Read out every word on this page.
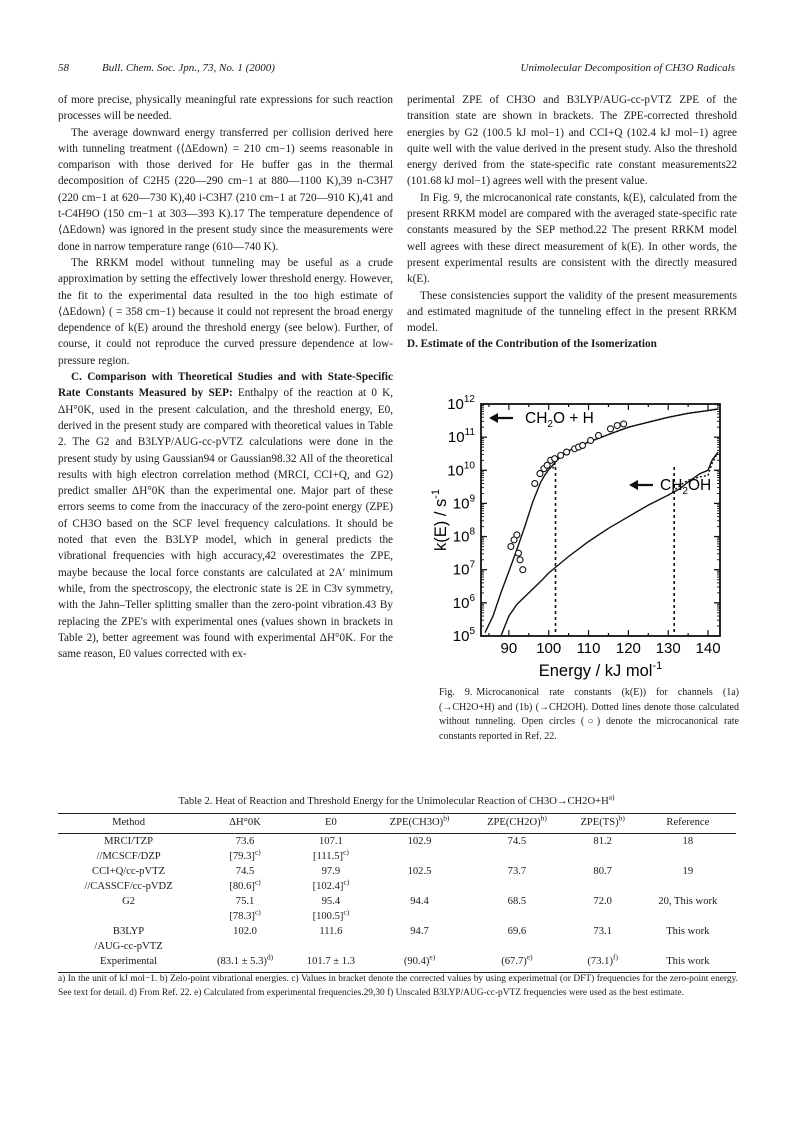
58	Bull. Chem. Soc. Jpn., 73, No. 1 (2000)	Unimolecular Decomposition of CH3O Radicals

of more precise, physically meaningful rate expressions for such reaction processes will be needed.

The average downward energy transferred per collision derived here with tunneling treatment (⟨ΔEdown⟩ = 210 cm−1) seems reasonable in comparison with those derived for He buffer gas in the thermal decomposition of C2H5 (220—290 cm−1 at 880—1100 K),39 n-C3H7 (220 cm−1 at 620—730 K),40 i-C3H7 (210 cm−1 at 720—910 K),41 and t-C4H9O (150 cm−1 at 303—393 K).17 The temperature dependence of ⟨ΔEdown⟩ was ignored in the present study since the measurements were done in narrow temperature range (610—740 K).

The RRKM model without tunneling may be useful as a crude approximation by setting the effectively lower threshold energy. However, the fit to the experimental data resulted in the too high estimate of ⟨ΔEdown⟩ ( = 358 cm−1) because it could not represent the broad energy dependence of k(E) around the threshold energy (see below). Further, of course, it could not reproduce the curved pressure dependence at low-pressure region.

C. Comparison with Theoretical Studies and with State-Specific Rate Constants Measured by SEP: Enthalpy of the reaction at 0 K, ΔH°0K, used in the present calculation, and the threshold energy, E0, derived in the present study are compared with theoretical values in Table 2. The G2 and B3LYP/AUG-cc-pVTZ calculations were done in the present study by using Gaussian94 or Gaussian98.32 All of the theoretical results with high electron correlation method (MRCI, CCI+Q, and G2) predict smaller ΔH°0K than the experimental one. Major part of these errors seems to come from the inaccuracy of the zero-point energy (ZPE) of CH3O based on the SCF level frequency calculations. It should be noted that even the B3LYP model, which in general predicts the vibrational frequencies with high accuracy,42 overestimates the ZPE, maybe because the local force constants are calculated at 2A′ minimum while, from the spectroscopy, the electronic state is 2E in C3v symmetry, with the Jahn–Teller splitting smaller than the zero-point vibration.43 By replacing the ZPE's with experimental ones (values shown in brackets in Table 2), better agreement was found with experimental ΔH°0K. For the same reason, E0 values corrected with ex-

perimental ZPE of CH3O and B3LYP/AUG-cc-pVTZ ZPE of the transition state are shown in brackets. The ZPE-corrected threshold energies by G2 (100.5 kJ mol−1) and CCI+Q (102.4 kJ mol−1) agree quite well with the value derived in the present study. Also the threshold energy derived from the state-specific rate constant measurements22 (101.68 kJ mol−1) agrees well with the present value.

In Fig. 9, the microcanonical rate constants, k(E), calculated from the present RRKM model are compared with the averaged state-specific rate constants measured by the SEP method.22 The present RRKM model well agrees with these direct measurement of k(E). In other words, the present experimental results are consistent with the directly measured k(E).

These consistencies support the validity of the present measurements and estimated magnitude of the tunneling effect in the present RRKM model.

D. Estimate of the Contribution of the Isomerization
$10^5$
$10^6$
$10^7$
$10^8$
$10^9$
$10^{10}$
$10^{11}$
$10^{12}$
90 100 110 120 130 140
Energy / kJ mol$^{-1}$
$k(E) / s^{-1}$
$CH_2O + H$
$CH_2OH$
Fig. 9. Microcanonical rate constants (k(E)) for channels (1a) (→CH2O+H) and (1b) (→CH2OH). Dotted lines denote those calculated without tunneling. Open circles (○) denote the microcanonical rate constants reported in Ref. 22.
Table 2. Heat of Reaction and Threshold Energy for the Unimolecular Reaction of $CH3O\to CH2O+H^{a)}$
Method	ΔH°0K	E0	$ZPE(CH3O)^{b)}$	$ZPE(CH2O)^{b)}$	ZPE(TS)$^{b)}$	Reference
MRCI/TZP	73.6	107.1	102.9	74.5	81.2	18
//MCSCF/DZP	$[79.3]^{c)}$	$[111.5]^{c)}$				
CCI+Q/cc-pVTZ	74.5	97.9	102.5	73.7	80.7	19
//CASSCF/cc-pVDZ	$[80.6]^{c)}$	$[102.4]^{c)}$				
G2	75.1	95.4	94.4	68.5	72.0	20, This work
	$[78.3]^{c)}$	$[100.5]^{c)}$				
B3LYP	102.0	111.6	94.7	69.6	73.1	This work
/AUG-cc-pVTZ						
Experimental	$(83.1 \pm 5.3)^{d)}$	101.7 ± 1.3	$(90.4)^{e)}$	$(67.7)^{e)}$	$(73.1)^{f)}$	This work
a) In the unit of kJ mol−1. b) Zelo-point vibrational energies. c) Values in bracket denote the corrected values by using experimetnal (or DFT) frequencies for the zero-point energy. See text for detail. d) From Ref. 22. e) Calculated from experimental frequencies.29,30 f) Unscaled B3LYP/AUG-cc-pVTZ frequencies were used as the best estimate.
